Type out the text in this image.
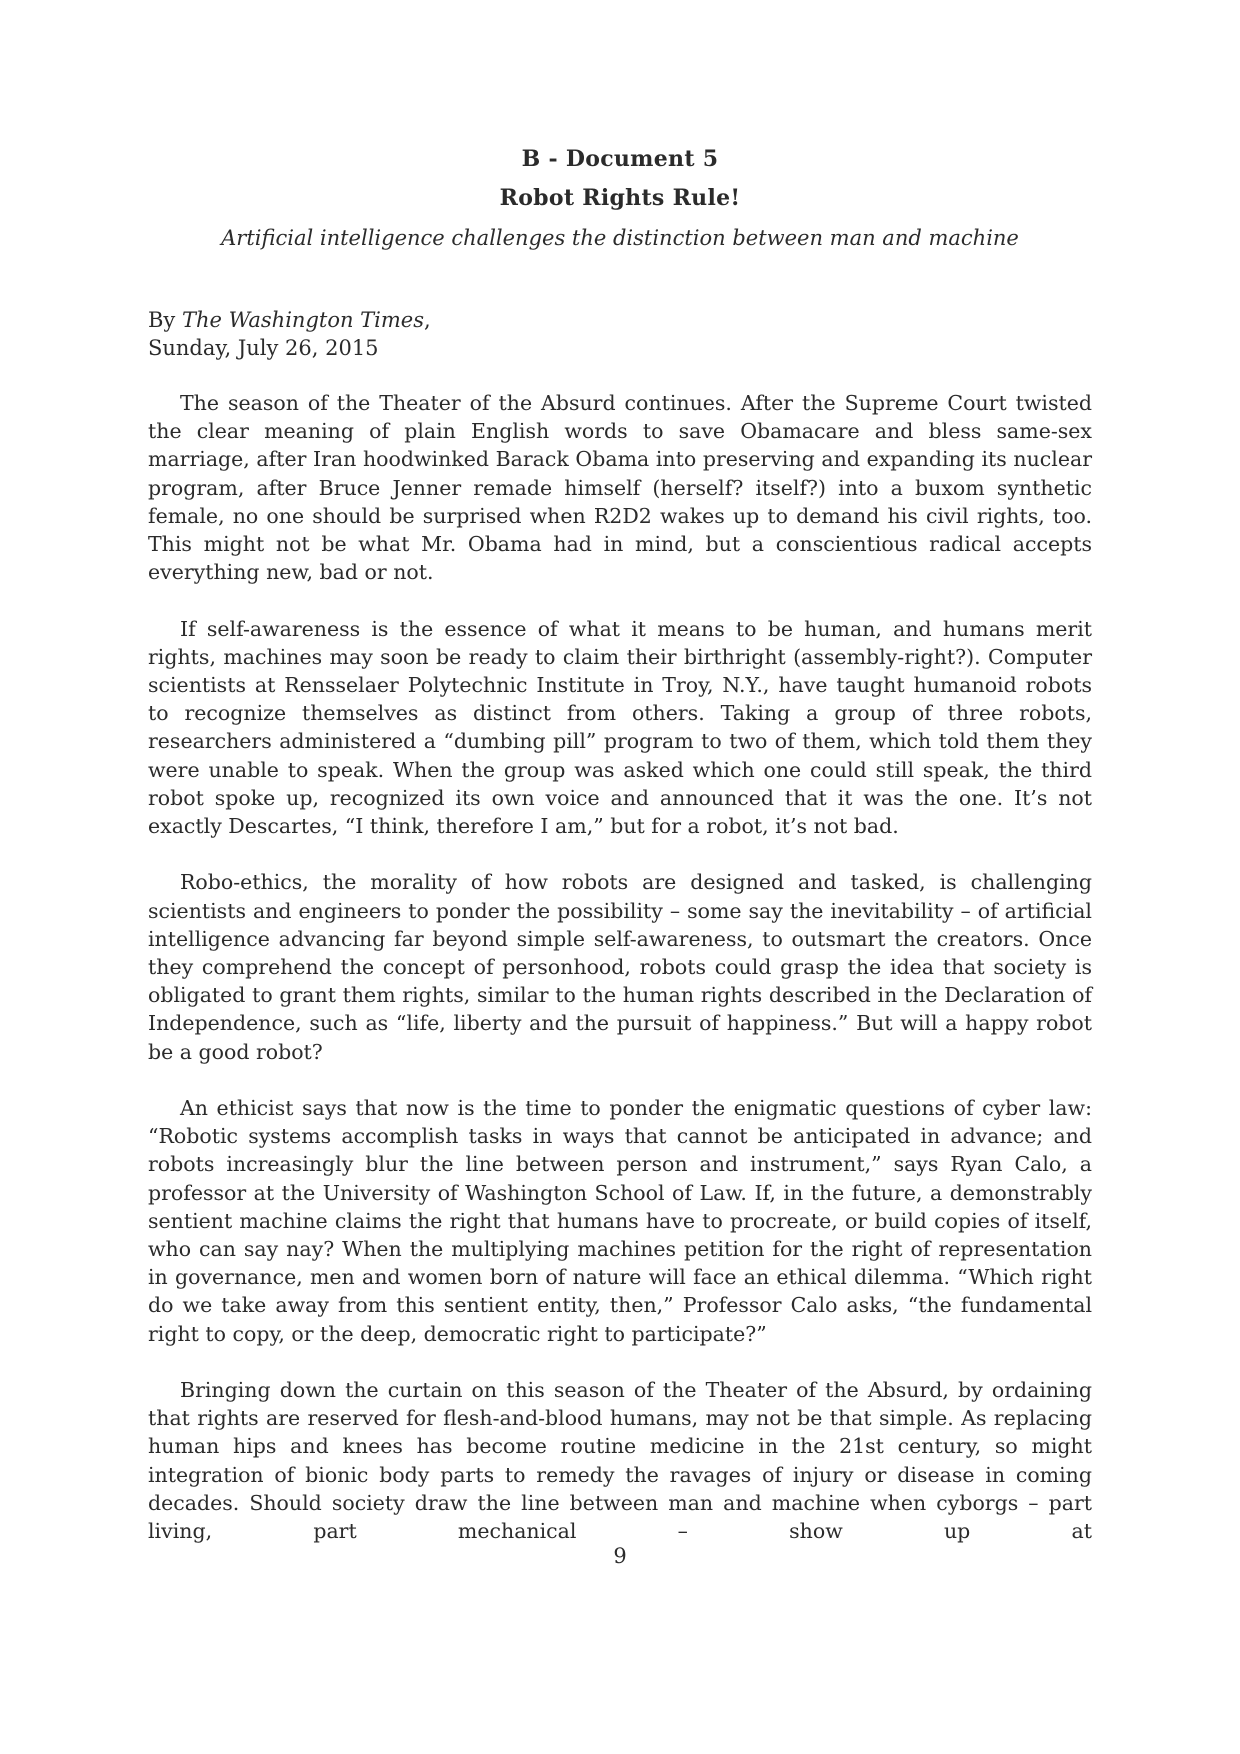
B - Document 5
Robot Rights Rule!
Artificial intelligence challenges the distinction between man and machine
By The Washington Times,
Sunday, July 26, 2015

The season of the Theater of the Absurd continues. After the Supreme Court twisted the clear meaning of plain English words to save Obamacare and bless same-sex marriage, after Iran hoodwinked Barack Obama into preserving and expanding its nuclear program, after Bruce Jenner remade himself (herself? itself?) into a buxom synthetic female, no one should be surprised when R2D2 wakes up to demand his civil rights, too. This might not be what Mr. Obama had in mind, but a conscientious radical accepts everything new, bad or not.

If self-awareness is the essence of what it means to be human, and humans merit rights, machines may soon be ready to claim their birthright (assembly-right?). Computer scientists at Rensselaer Polytechnic Institute in Troy, N.Y., have taught humanoid robots to recognize themselves as distinct from others. Taking a group of three robots, researchers administered a “dumbing pill” program to two of them, which told them they were unable to speak. When the group was asked which one could still speak, the third robot spoke up, recognized its own voice and announced that it was the one. It’s not exactly Descartes, “I think, therefore I am,” but for a robot, it’s not bad.

Robo-ethics, the morality of how robots are designed and tasked, is challenging scientists and engineers to ponder the possibility – some say the inevitability – of artificial intelligence advancing far beyond simple self-awareness, to outsmart the creators. Once they comprehend the concept of personhood, robots could grasp the idea that society is obligated to grant them rights, similar to the human rights described in the Declaration of Independence, such as “life, liberty and the pursuit of happiness.” But will a happy robot be a good robot?

An ethicist says that now is the time to ponder the enigmatic questions of cyber law: “Robotic systems accomplish tasks in ways that cannot be anticipated in advance; and robots increasingly blur the line between person and instrument,” says Ryan Calo, a professor at the University of Washington School of Law. If, in the future, a demonstrably sentient machine claims the right that humans have to procreate, or build copies of itself, who can say nay? When the multiplying machines petition for the right of representation in governance, men and women born of nature will face an ethical dilemma. “Which right do we take away from this sentient entity, then,” Professor Calo asks, “the fundamental right to copy, or the deep, democratic right to participate?”

Bringing down the curtain on this season of the Theater of the Absurd, by ordaining that rights are reserved for flesh-and-blood humans, may not be that simple. As replacing human hips and knees has become routine medicine in the 21st century, so might integration of bionic body parts to remedy the ravages of injury or disease in coming decades. Should society draw the line between man and machine when cyborgs – part living, part mechanical – show up at

9
